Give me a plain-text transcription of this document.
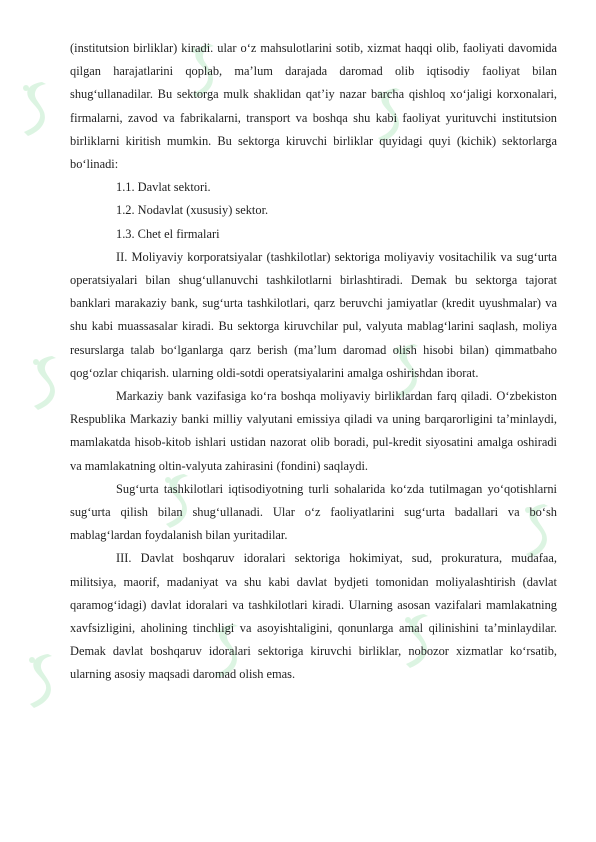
(institutsion birliklar) kiradi. ular o‘z mahsulotlarini sotib, xizmat haqqi olib, faoliyati davomida qilgan harajatlarini qoplab, ma’lum darajada daromad olib iqtisodiy faoliyat bilan shug‘ullanadilar. Bu sektorga mulk shaklidan qat’iy nazar barcha qishloq xo‘jaligi korxonalari, firmalarni, zavod va fabrikalarni, transport va boshqa shu kabi faoliyat yurituvchi institutsion birliklarni kiritish mumkin. Bu sektorga kiruvchi birliklar quyidagi quyi (kichik) sektorlarga bo‘linadi:

1.1. Davlat sektori.

1.2. Nodavlat (xususiy) sektor.

1.3. Chet el firmalari

II. Moliyaviy korporatsiyalar (tashkilotlar) sektoriga moliyaviy vositachilik va sug‘urta operatsiyalari bilan shug‘ullanuvchi tashkilotlarni birlashtiradi. Demak bu sektorga tajorat banklari marakaziy bank, sug‘urta tashkilotlari, qarz beruvchi jamiyatlar (kredit uyushmalar) va shu kabi muassasalar kiradi. Bu sektorga kiruvchilar pul, valyuta mablag‘larini saqlash, moliya resurslarga talab bo‘lganlarga qarz berish (ma’lum daromad olish hisobi bilan) qimmatbaho qog‘ozlar chiqarish. ularning oldi-sotdi operatsiyalarini amalga oshirishdan iborat.

Markaziy bank vazifasiga ko‘ra boshqa moliyaviy birliklardan farq qiladi. O‘zbekiston Respublika Markaziy banki milliy valyutani emissiya qiladi va uning barqarorligini ta’minlaydi, mamlakatda hisob-kitob ishlari ustidan nazorat olib boradi, pul-kredit siyosatini amalga oshiradi va mamlakatning oltin-valyuta zahirasini (fondini) saqlaydi.

Sug‘urta tashkilotlari iqtisodiyotning turli sohalarida ko‘zda tutilmagan yo‘qotishlarni sug‘urta qilish bilan shug‘ullanadi. Ular o‘z faoliyatlarini sug‘urta badallari va bo‘sh mablag‘lardan foydalanish bilan yuritadilar.

III. Davlat boshqaruv idoralari sektoriga hokimiyat, sud, prokuratura, mudafaa, militsiya, maorif, madaniyat va shu kabi davlat bydjeti tomonidan moliyalashtirish (davlat qaramog‘idagi) davlat idoralari va tashkilotlari kiradi. Ularning asosan vazifalari mamlakatning xavfsizligini, aholining tinchligi va asoyishtaligini, qonunlarga amal qilinishini ta’minlaydilar. Demak davlat boshqaruv idoralari sektoriga kiruvchi birliklar, nobozor xizmatlar ko‘rsatib, ularning asosiy maqsadi daromad olish emas.
